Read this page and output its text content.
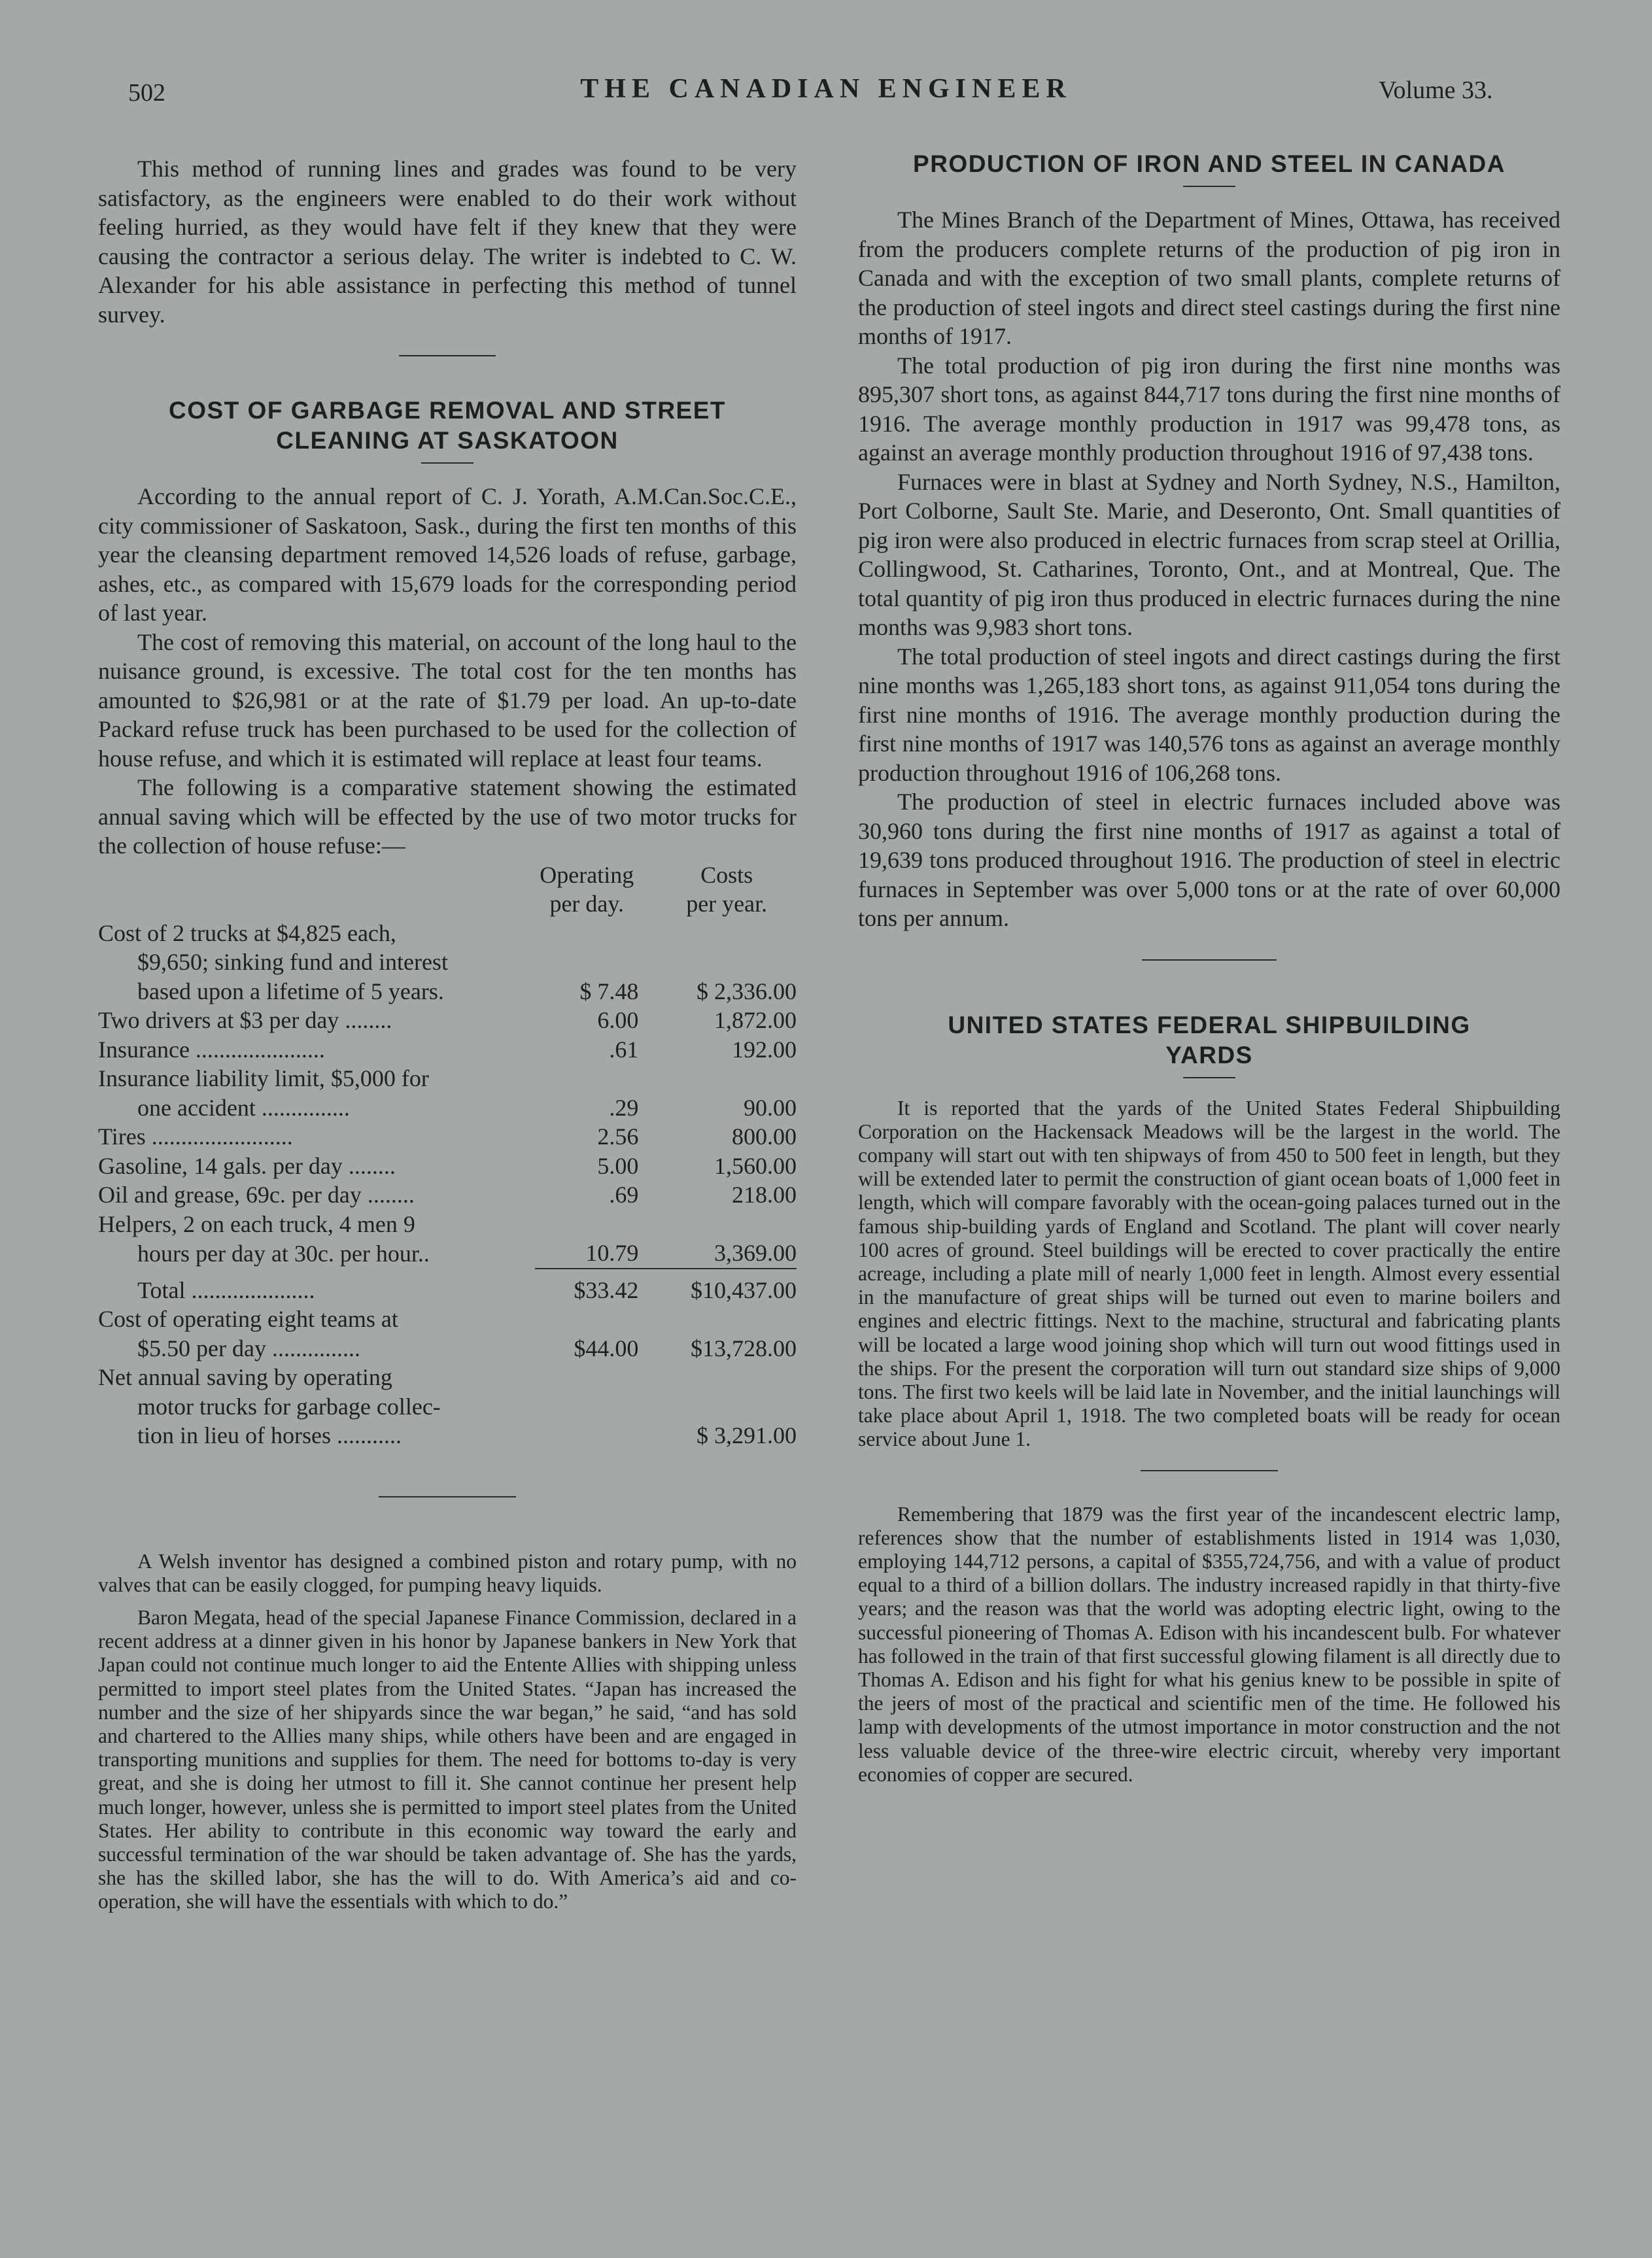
502	THE CANADIAN ENGINEER	Volume 33.

This method of running lines and grades was found to be very satisfactory, as the engineers were enabled to do their work without feeling hurried, as they would have felt if they knew that they were causing the contractor a serious delay. The writer is indebted to C. W. Alexander for his able assistance in perfecting this method of tunnel survey.

COST OF GARBAGE REMOVAL AND STREET
CLEANING AT SASKATOON

According to the annual report of C. J. Yorath, A.M.Can.Soc.C.E., city commissioner of Saskatoon, Sask., during the first ten months of this year the cleansing department removed 14,526 loads of refuse, garbage, ashes, etc., as compared with 15,679 loads for the corresponding period of last year.

The cost of removing this material, on account of the long haul to the nuisance ground, is excessive. The total cost for the ten months has amounted to $26,981 or at the rate of $1.79 per load. An up-to-date Packard refuse truck has been purchased to be used for the collection of house refuse, and which it is estimated will replace at least four teams.

The following is a comparative statement showing the estimated annual saving which will be effected by the use of two motor trucks for the collection of house refuse:—

	Operating	Costs
	per day.	per year.
Cost of 2 trucks at $4,825 each,		
$9,650; sinking fund and interest		
based upon a lifetime of 5 years.	$ 7.48	$ 2,336.00
Two drivers at $3 per day ........	6.00	1,872.00
Insurance ......................	.61	192.00
Insurance liability limit, $5,000 for		
one accident ...............	.29	90.00
Tires ........................	2.56	800.00
Gasoline, 14 gals. per day ........	5.00	1,560.00
Oil and grease, 69c. per day ........	.69	218.00
Helpers, 2 on each truck, 4 men 9		
hours per day at 30c. per hour..	10.79	3,369.00
Total .....................	$33.42	$10,437.00
Cost of operating eight teams at		
$5.50 per day ...............	$44.00	$13,728.00
Net annual saving by operating		
motor trucks for garbage collec-		
tion in lieu of horses ...........		$ 3,291.00

A Welsh inventor has designed a combined piston and rotary pump, with no valves that can be easily clogged, for pumping heavy liquids.

Baron Megata, head of the special Japanese Finance Commission, declared in a recent address at a dinner given in his honor by Japanese bankers in New York that Japan could not continue much longer to aid the Entente Allies with shipping unless permitted to import steel plates from the United States. “Japan has increased the number and the size of her shipyards since the war began,” he said, “and has sold and chartered to the Allies many ships, while others have been and are engaged in transporting munitions and supplies for them. The need for bottoms to-day is very great, and she is doing her utmost to fill it. She cannot continue her present help much longer, however, unless she is permitted to import steel plates from the United States. Her ability to contribute in this economic way toward the early and successful termination of the war should be taken advantage of. She has the yards, she has the skilled labor, she has the will to do. With America’s aid and co-operation, she will have the essentials with which to do.”

PRODUCTION OF IRON AND STEEL IN CANADA

The Mines Branch of the Department of Mines, Ottawa, has received from the producers complete returns of the production of pig iron in Canada and with the exception of two small plants, complete returns of the production of steel ingots and direct steel castings during the first nine months of 1917.

The total production of pig iron during the first nine months was 895,307 short tons, as against 844,717 tons during the first nine months of 1916. The average monthly production in 1917 was 99,478 tons, as against an average monthly production throughout 1916 of 97,438 tons.

Furnaces were in blast at Sydney and North Sydney, N.S., Hamilton, Port Colborne, Sault Ste. Marie, and Deseronto, Ont. Small quantities of pig iron were also produced in electric furnaces from scrap steel at Orillia, Collingwood, St. Catharines, Toronto, Ont., and at Montreal, Que. The total quantity of pig iron thus produced in electric furnaces during the nine months was 9,983 short tons.

The total production of steel ingots and direct castings during the first nine months was 1,265,183 short tons, as against 911,054 tons during the first nine months of 1916. The average monthly production during the first nine months of 1917 was 140,576 tons as against an average monthly production throughout 1916 of 106,268 tons.

The production of steel in electric furnaces included above was 30,960 tons during the first nine months of 1917 as against a total of 19,639 tons produced throughout 1916. The production of steel in electric furnaces in September was over 5,000 tons or at the rate of over 60,000 tons per annum.

UNITED STATES FEDERAL SHIPBUILDING
YARDS

It is reported that the yards of the United States Federal Shipbuilding Corporation on the Hackensack Meadows will be the largest in the world. The company will start out with ten shipways of from 450 to 500 feet in length, but they will be extended later to permit the construction of giant ocean boats of 1,000 feet in length, which will compare favorably with the ocean-going palaces turned out in the famous ship-building yards of England and Scotland. The plant will cover nearly 100 acres of ground. Steel buildings will be erected to cover practically the entire acreage, including a plate mill of nearly 1,000 feet in length. Almost every essential in the manufacture of great ships will be turned out even to marine boilers and engines and electric fittings. Next to the machine, structural and fabricating plants will be located a large wood joining shop which will turn out wood fittings used in the ships. For the present the corporation will turn out standard size ships of 9,000 tons. The first two keels will be laid late in November, and the initial launchings will take place about April 1, 1918. The two completed boats will be ready for ocean service about June 1.

Remembering that 1879 was the first year of the incandescent electric lamp, references show that the number of establishments listed in 1914 was 1,030, employing 144,712 persons, a capital of $355,724,756, and with a value of product equal to a third of a billion dollars. The industry increased rapidly in that thirty-five years; and the reason was that the world was adopting electric light, owing to the successful pioneering of Thomas A. Edison with his incandescent bulb. For whatever has followed in the train of that first successful glowing filament is all directly due to Thomas A. Edison and his fight for what his genius knew to be possible in spite of the jeers of most of the practical and scientific men of the time. He followed his lamp with developments of the utmost importance in motor construction and the not less valuable device of the three-wire electric circuit, whereby very important economies of copper are secured.
